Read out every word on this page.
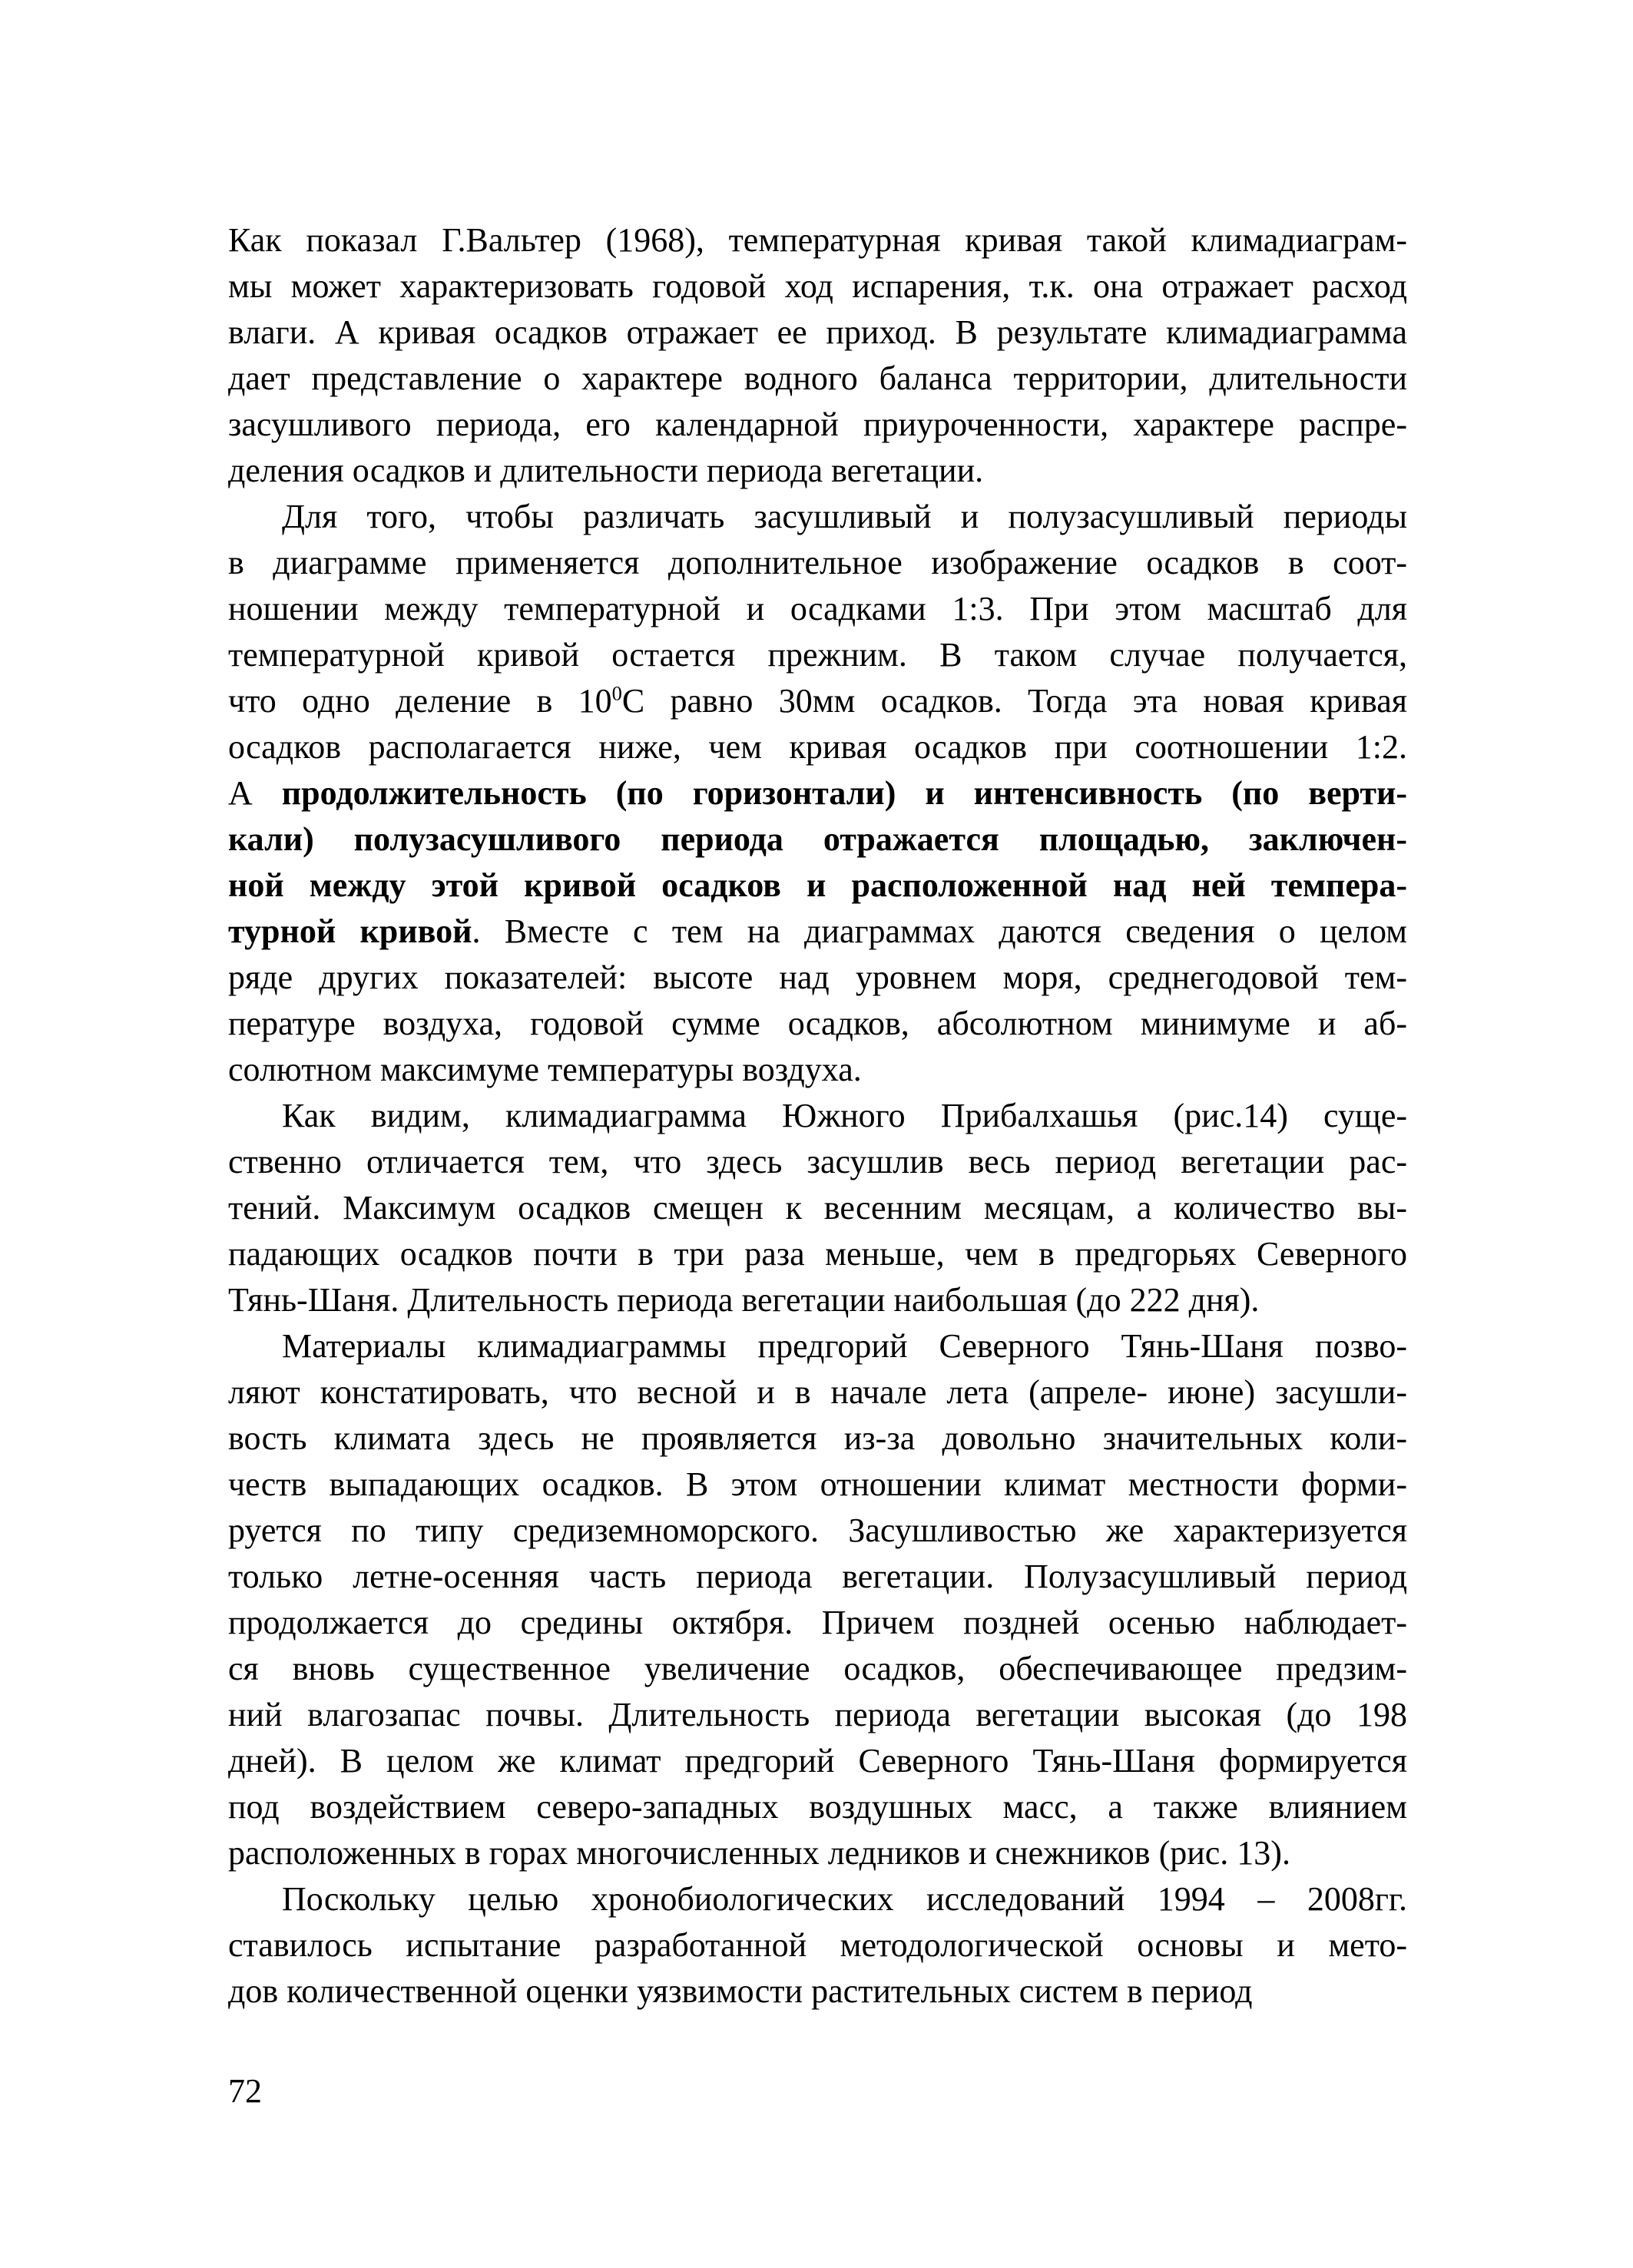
Как показал Г.Вальтер (1968), температурная кривая такой климадиаграм-
мы может характеризовать годовой ход испарения, т.к. она отражает расход
влаги. А кривая осадков отражает ее приход. В результате климадиаграмма
дает представление о характере водного баланса территории, длительности
засушливого периода, его календарной приуроченности, характере распре-
деления осадков и длительности периода вегетации.
Для того, чтобы различать засушливый и полузасушливый периоды
в диаграмме применяется дополнительное изображение осадков в соот-
ношении между температурной и осадками 1:3. При этом масштаб для
температурной кривой остается прежним. В таком случае получается,
что одно деление в $10^0С$ равно 30мм осадков. Тогда эта новая кривая
осадков располагается ниже, чем кривая осадков при соотношении 1:2.
А продолжительность (по горизонтали) и интенсивность (по верти-
кали) полузасушливого периода отражается площадью, заключен-
ной между этой кривой осадков и расположенной над ней темпера-
турной кривой. Вместе с тем на диаграммах даются сведения о целом
ряде других показателей: высоте над уровнем моря, среднегодовой тем-
пературе воздуха, годовой сумме осадков, абсолютном минимуме и аб-
солютном максимуме температуры воздуха.
Как видим, климадиаграмма Южного Прибалхашья (рис.14) суще-
ственно отличается тем, что здесь засушлив весь период вегетации рас-
тений. Максимум осадков смещен к весенним месяцам, а количество вы-
падающих осадков почти в три раза меньше, чем в предгорьях Северного
Тянь-Шаня. Длительность периода вегетации наибольшая (до 222 дня).
Материалы климадиаграммы предгорий Северного Тянь-Шаня позво-
ляют констатировать, что весной и в начале лета (апреле- июне) засушли-
вость климата здесь не проявляется из-за довольно значительных коли-
честв выпадающих осадков. В этом отношении климат местности форми-
руется по типу средиземноморского. Засушливостью же характеризуется
только летне-осенняя часть периода вегетации. Полузасушливый период
продолжается до средины октября. Причем поздней осенью наблюдает-
ся вновь существенное увеличение осадков, обеспечивающее предзим-
ний влагозапас почвы. Длительность периода вегетации высокая (до 198
дней). В целом же климат предгорий Северного Тянь-Шаня формируется
под воздействием северо-западных воздушных масс, а также влиянием
расположенных в горах многочисленных ледников и снежников (рис. 13).
Поскольку целью хронобиологических исследований 1994 – 2008гг.
ставилось испытание разработанной методологической основы и мето-
дов количественной оценки уязвимости растительных систем в период
72
